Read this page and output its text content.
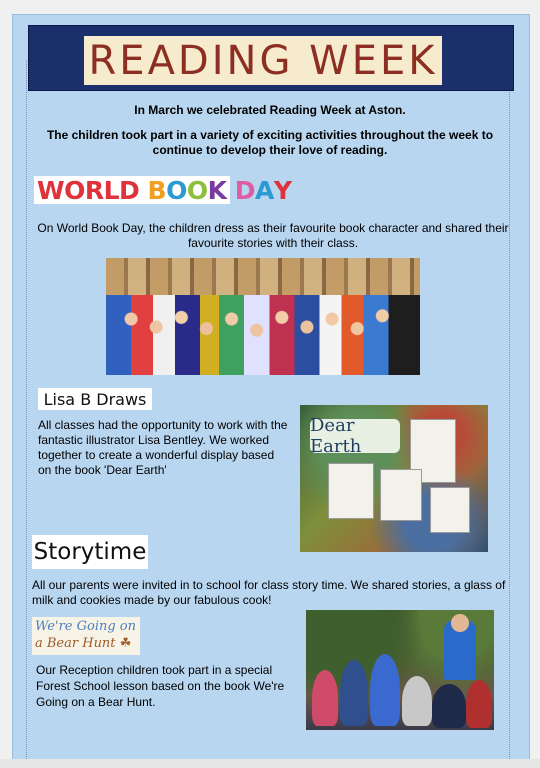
READING WEEK
In March we celebrated Reading Week at Aston.
The children took part in a variety of exciting activities throughout the week to continue to develop their love of reading.
W O R L D
B O O K
D A Y
On World Book Day, the children dress as their favourite book character and shared their favourite stories with their class.
Lisa B Draws
All classes had the opportunity to work with the fantastic illustrator Lisa Bentley. We worked together to create a wonderful display based on the book 'Dear Earth'
Dear Earth
Storytime
All our parents were invited in to school for class story time. We shared stories, a glass of milk and cookies made by our fabulous cook!
We're Going on
a Bear Hunt ☘
Our Reception children took part in a special Forest School lesson based on the book We're Going on a Bear Hunt.
